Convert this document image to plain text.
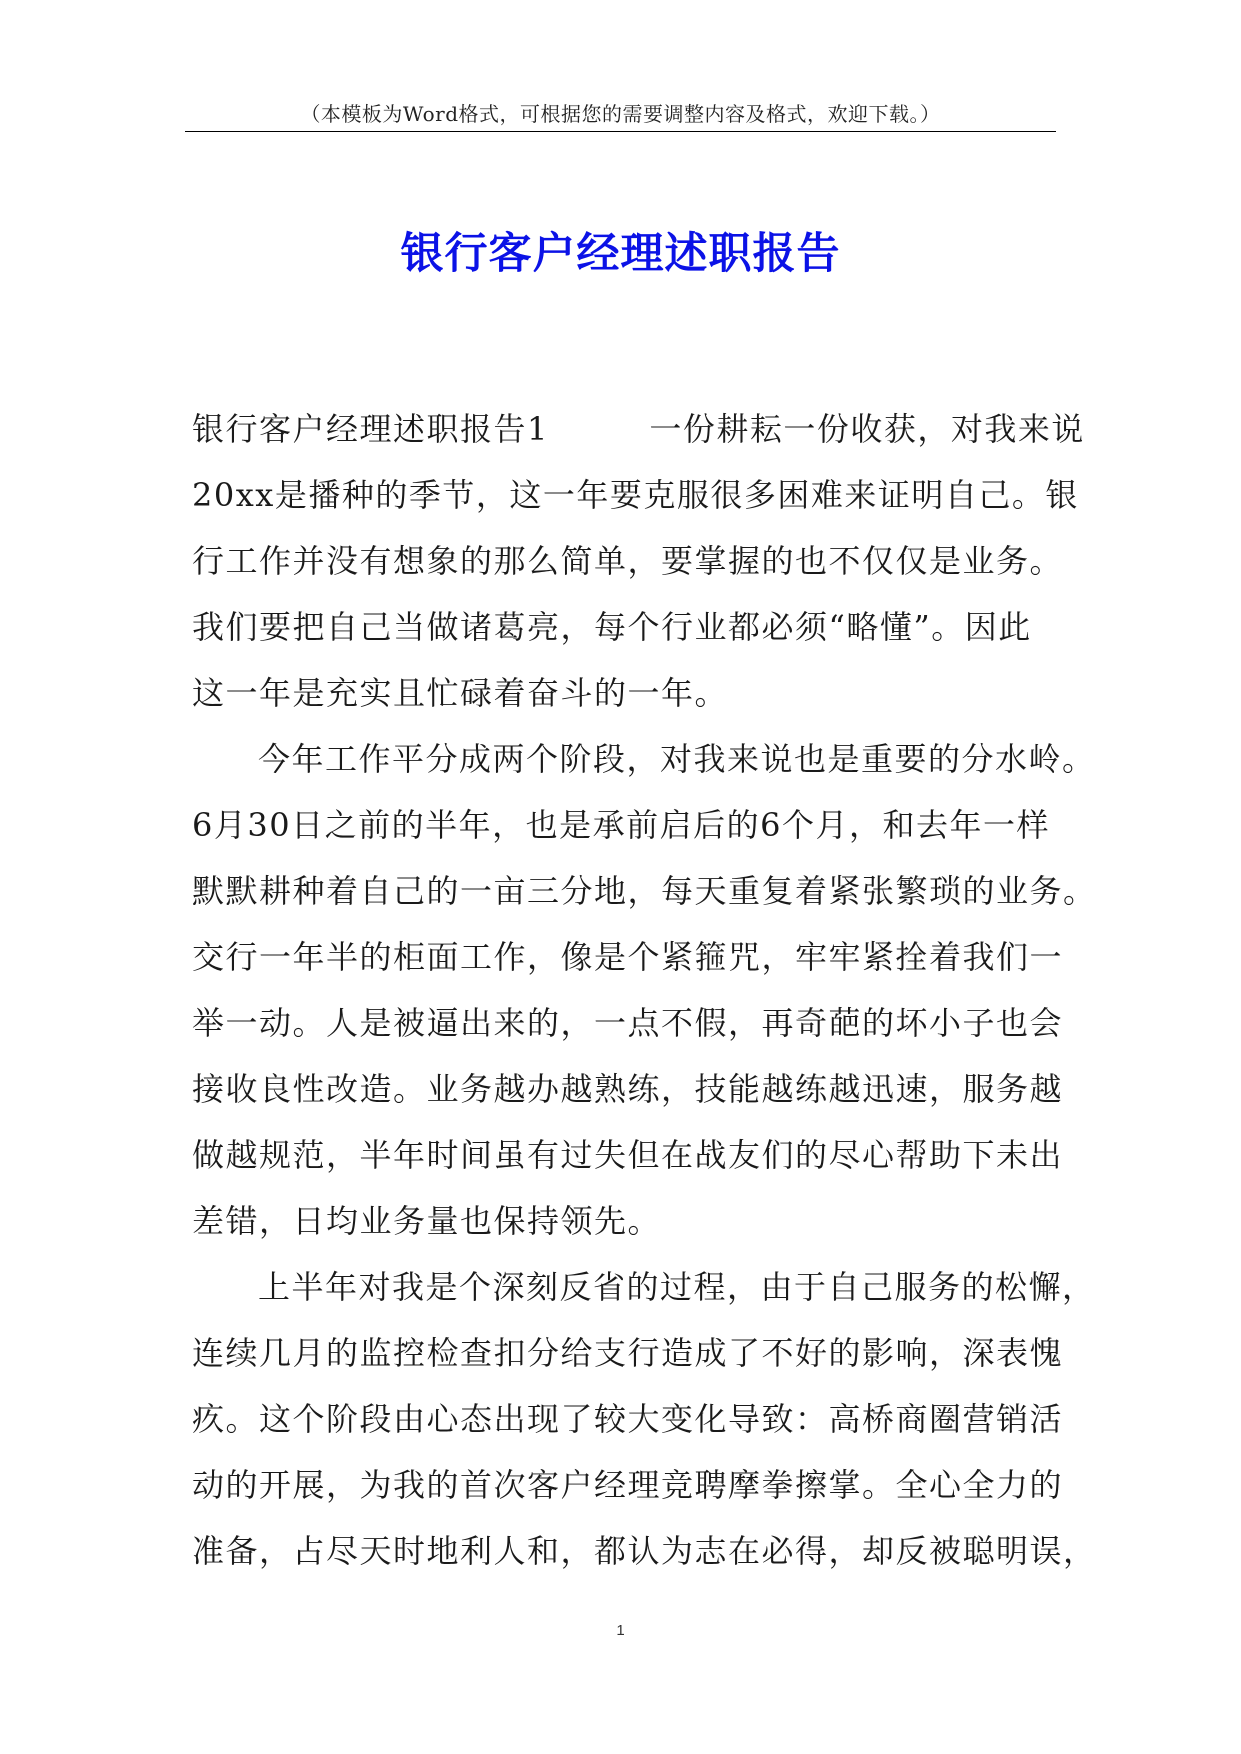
（本模板为Word格式，可根据您的需要调整内容及格式，欢迎下载。）
银行客户经理述职报告
银行客户经理述职报告1　　　一份耕耘一份收获，对我来说
20xx是播种的季节，这一年要克服很多困难来证明自己。银
行工作并没有想象的那么简单，要掌握的也不仅仅是业务。
我们要把自己当做诸葛亮，每个行业都必须“略懂”。因此
这一年是充实且忙碌着奋斗的一年。
今年工作平分成两个阶段，对我来说也是重要的分水岭。
6月30日之前的半年，也是承前启后的6个月，和去年一样
默默耕种着自己的一亩三分地，每天重复着紧张繁琐的业务。
交行一年半的柜面工作，像是个紧箍咒，牢牢紧拴着我们一
举一动。人是被逼出来的，一点不假，再奇葩的坏小子也会
接收良性改造。业务越办越熟练，技能越练越迅速，服务越
做越规范，半年时间虽有过失但在战友们的尽心帮助下未出
差错，日均业务量也保持领先。
上半年对我是个深刻反省的过程，由于自己服务的松懈，
连续几月的监控检查扣分给支行造成了不好的影响，深表愧
疚。这个阶段由心态出现了较大变化导致：高桥商圈营销活
动的开展，为我的首次客户经理竞聘摩拳擦掌。全心全力的
准备，占尽天时地利人和，都认为志在必得，却反被聪明误，
1
